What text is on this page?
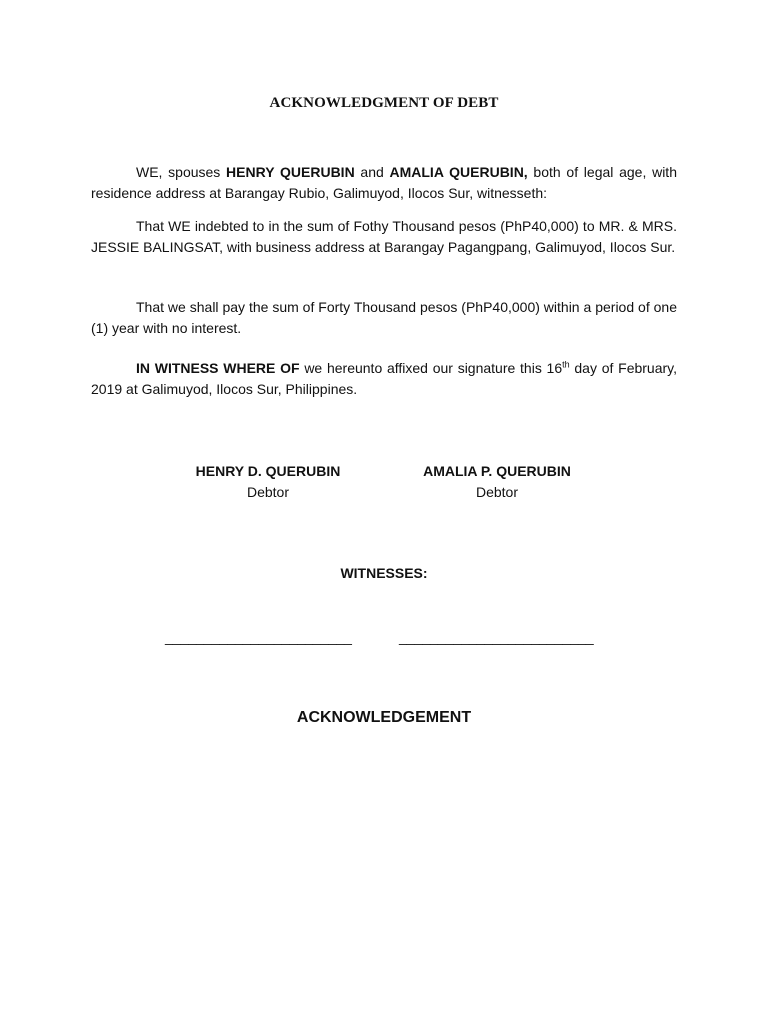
ACKNOWLEDGMENT OF DEBT

WE, spouses HENRY QUERUBIN and AMALIA QUERUBIN, both of legal age, with residence address at Barangay Rubio, Galimuyod, Ilocos Sur, witnesseth:

That WE indebted to in the sum of Fothy Thousand pesos (PhP40,000) to MR. & MRS. JESSIE BALINGSAT, with business address at Barangay Pagangpang, Galimuyod, Ilocos Sur.

That we shall pay the sum of Forty Thousand pesos (PhP40,000) within a period of one (1) year with no interest.

IN WITNESS WHERE OF we hereunto affixed our signature this 16th day of February, 2019 at Galimuyod, Ilocos Sur, Philippines.

HENRY D. QUERUBIN
Debtor
AMALIA P. QUERUBIN
Debtor
WITNESSES:
________________________	_________________________
ACKNOWLEDGEMENT
